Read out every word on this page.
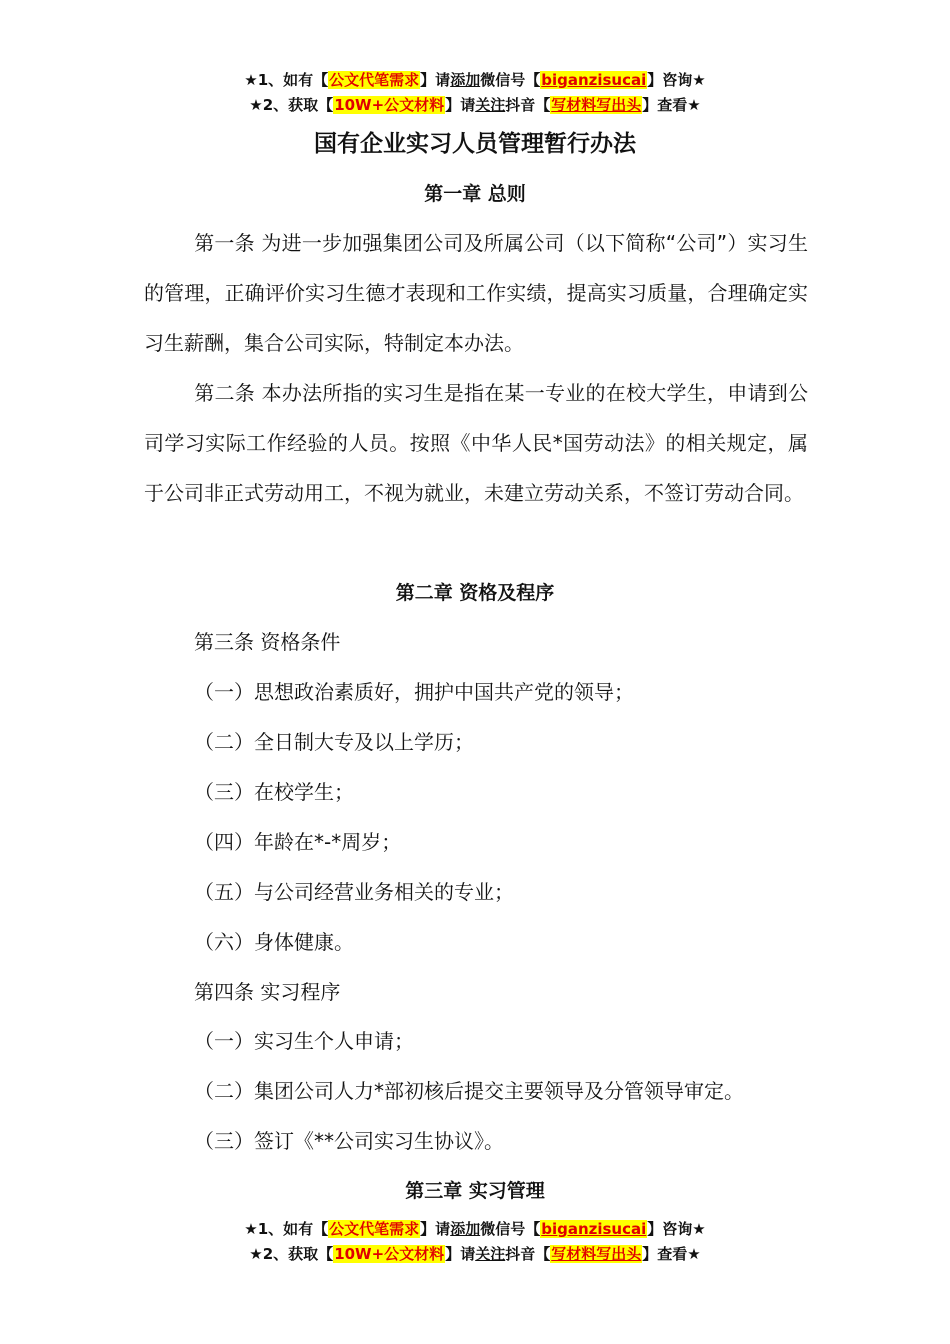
★1、如有【公文代笔需求】请添加微信号【biganzisucai】咨询★
★2、获取【10W+公文材料】请关注抖音【写材料写出头】查看★
国有企业实习人员管理暂行办法
第一章 总则
第一条 为进一步加强集团公司及所属公司（以下简称“公司”）实习生的管理，正确评价实习生德才表现和工作实绩，提高实习质量，合理确定实习生薪酬，集合公司实际，特制定本办法。
第二条 本办法所指的实习生是指在某一专业的在校大学生，申请到公司学习实际工作经验的人员。按照《中华人民*国劳动法》的相关规定，属于公司非正式劳动用工，不视为就业，未建立劳动关系，不签订劳动合同。
第二章 资格及程序
第三条 资格条件
（一）思想政治素质好，拥护中国共产党的领导；
（二）全日制大专及以上学历；
（三）在校学生；
（四）年龄在*-*周岁；
（五）与公司经营业务相关的专业；
（六）身体健康。
第四条 实习程序
（一）实习生个人申请；
（二）集团公司人力*部初核后提交主要领导及分管领导审定。
（三）签订《**公司实习生协议》。
第三章 实习管理
★1、如有【公文代笔需求】请添加微信号【biganzisucai】咨询★
★2、获取【10W+公文材料】请关注抖音【写材料写出头】查看★
